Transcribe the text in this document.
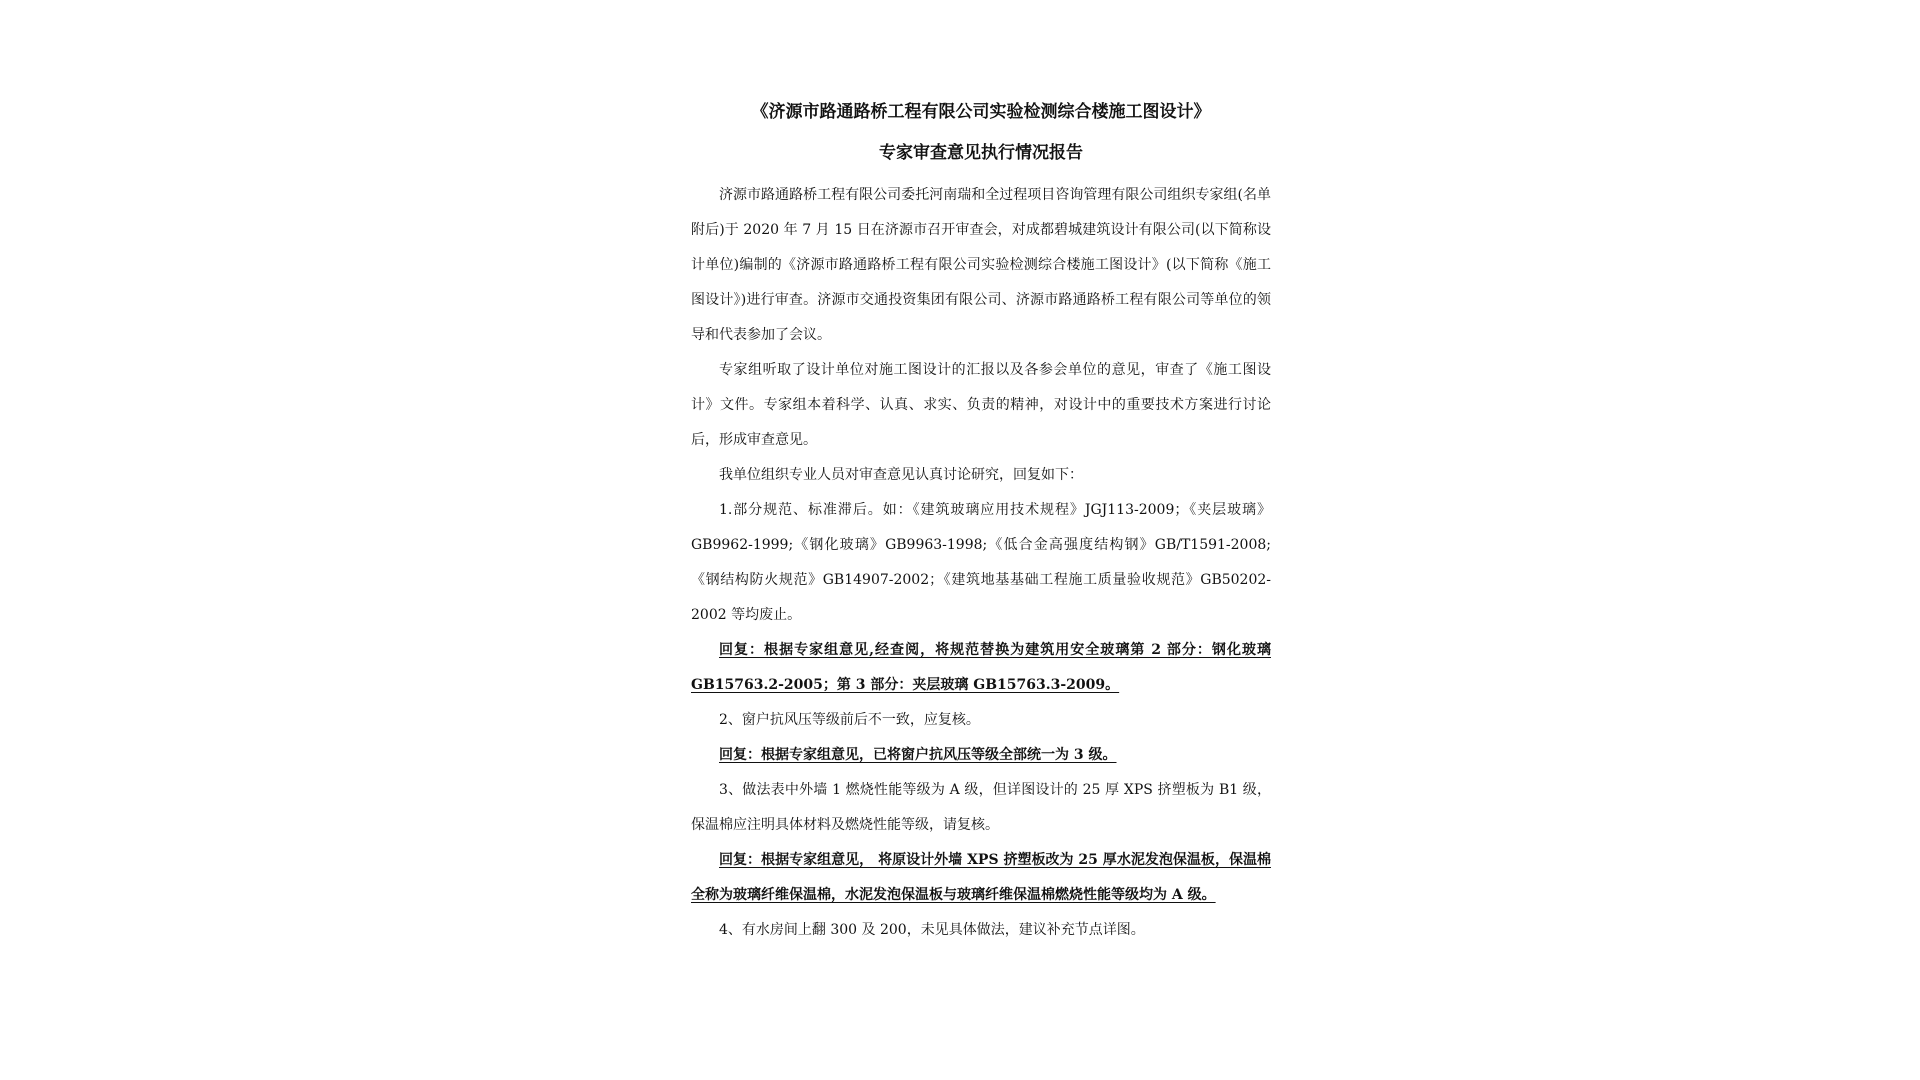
《济源市路通路桥工程有限公司实验检测综合楼施工图设计》

专家审查意见执行情况报告

济源市路通路桥工程有限公司委托河南瑞和全过程项目咨询管理有限公司组织专家组(名单附后)于 2020 年 7 月 15 日在济源市召开审查会，对成都碧城建筑设计有限公司(以下简称设计单位)编制的《济源市路通路桥工程有限公司实验检测综合楼施工图设计》(以下简称《施工图设计》)进行审查。济源市交通投资集团有限公司、济源市路通路桥工程有限公司等单位的领导和代表参加了会议。

专家组听取了设计单位对施工图设计的汇报以及各参会单位的意见，审查了《施工图设计》文件。专家组本着科学、认真、求实、负责的精神，对设计中的重要技术方案进行讨论后，形成审查意见。

我单位组织专业人员对审查意见认真讨论研究，回复如下：

1.部分规范、标准滞后。如：《建筑玻璃应用技术规程》JGJ113-2009；《夹层玻璃》GB9962-1999;《钢化玻璃》GB9963-1998;《低合金高强度结构钢》GB/T1591-2008;《钢结构防火规范》GB14907-2002；《建筑地基基础工程施工质量验收规范》GB50202-2002 等均废止。

回复：根据专家组意见,经查阅，将规范替换为建筑用安全玻璃第 2 部分：钢化玻璃 GB15763.2-2005；第 3 部分：夹层玻璃 GB15763.3-2009。

2、窗户抗风压等级前后不一致，应复核。

回复：根据专家组意见，已将窗户抗风压等级全部统一为 3 级。

3、做法表中外墙 1 燃烧性能等级为 A 级，但详图设计的 25 厚 XPS 挤塑板为 B1 级，保温棉应注明具体材料及燃烧性能等级，请复核。

回复：根据专家组意见， 将原设计外墙 XPS 挤塑板改为 25 厚水泥发泡保温板，保温棉全称为玻璃纤维保温棉，水泥发泡保温板与玻璃纤维保温棉燃烧性能等级均为 A 级。

4、有水房间上翻 300 及 200，未见具体做法，建议补充节点详图。
